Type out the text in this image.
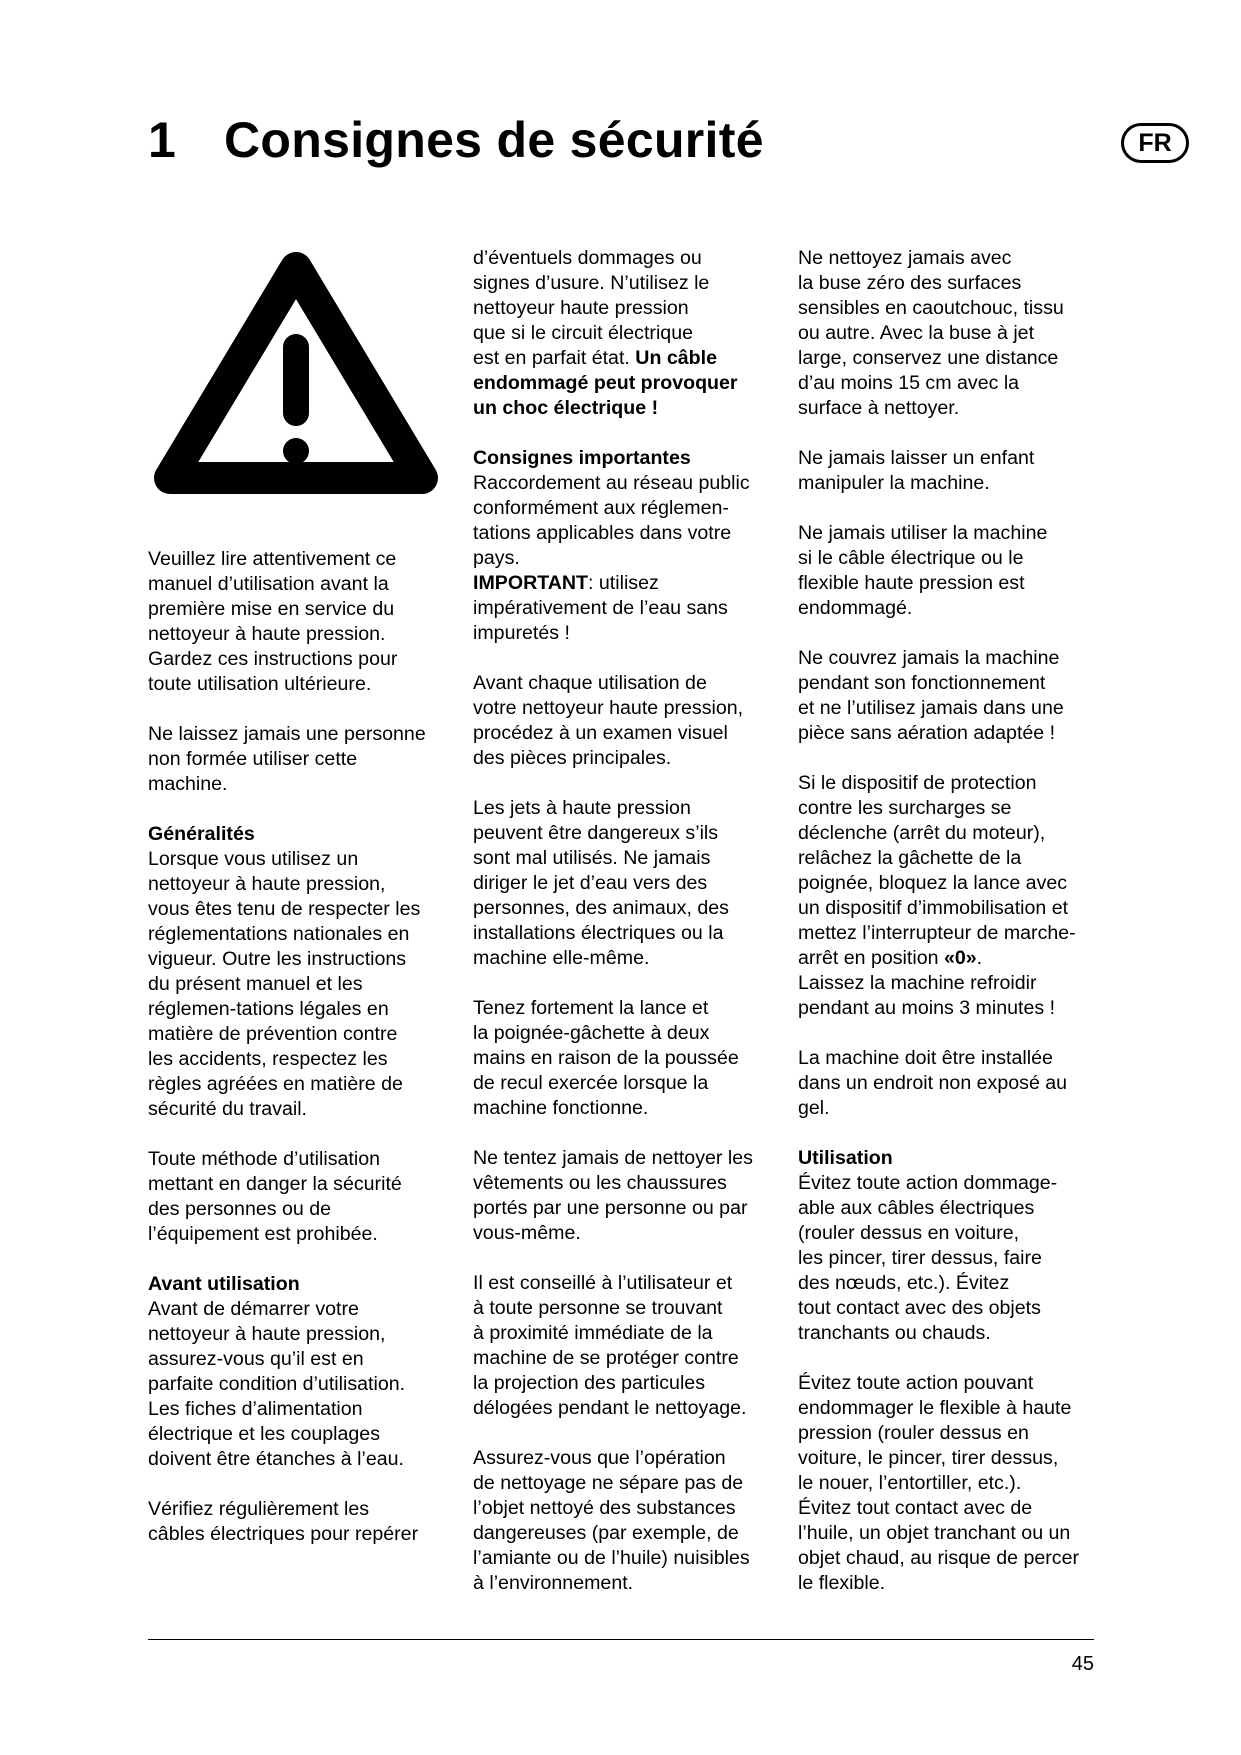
1 Consignes de sécurité	FR

Veuillez lire attentivement ce
manuel d’utilisation avant la
première mise en service du
nettoyeur à haute pression.
Gardez ces instructions pour
toute utilisation ultérieure.

Ne laissez jamais une personne
non formée utiliser cette
machine.

Généralités

Lorsque vous utilisez un
nettoyeur à haute pression,
vous êtes tenu de respecter les
réglementations nationales en
vigueur. Outre les instructions
du présent manuel et les
réglemen-tations légales en
matière de prévention contre
les accidents, respectez les
règles agréées en matière de
sécurité du travail.

Toute méthode d’utilisation
mettant en danger la sécurité
des personnes ou de
l’équipement est prohibée.

Avant utilisation

Avant de démarrer votre
nettoyeur à haute pression,
assurez-vous qu’il est en
parfaite condition d’utilisation.
Les fiches d’alimentation
électrique et les couplages
doivent être étanches à l’eau.

Vérifiez régulièrement les
câbles électriques pour repérer

d’éventuels dommages ou
signes d’usure. N’utilisez le
nettoyeur haute pression
que si le circuit électrique
est en parfait état. Un câble
endommagé peut provoquer
un choc électrique !

Consignes importantes

Raccordement au réseau public
conformément aux réglemen-
tations applicables dans votre
pays.

IMPORTANT: utilisez
impérativement de l’eau sans
impuretés !

Avant chaque utilisation de
votre nettoyeur haute pression,
procédez à un examen visuel
des pièces principales.

Les jets à haute pression
peuvent être dangereux s’ils
sont mal utilisés. Ne jamais
diriger le jet d’eau vers des
personnes, des animaux, des
installations électriques ou la
machine elle-même.

Tenez fortement la lance et
la poignée-gâchette à deux
mains en raison de la poussée
de recul exercée lorsque la
machine fonctionne.

Ne tentez jamais de nettoyer les
vêtements ou les chaussures
portés par une personne ou par
vous-même.

Il est conseillé à l’utilisateur et
à toute personne se trouvant
à proximité immédiate de la
machine de se protéger contre
la projection des particules
délogées pendant le nettoyage.

Assurez-vous que l’opération
de nettoyage ne sépare pas de
l’objet nettoyé des substances
dangereuses (par exemple, de
l’amiante ou de l’huile) nuisibles
à l’environnement.

Ne nettoyez jamais avec
la buse zéro des surfaces
sensibles en caoutchouc, tissu
ou autre. Avec la buse à jet
large, conservez une distance
d’au moins 15 cm avec la
surface à nettoyer.

Ne jamais laisser un enfant
manipuler la machine.

Ne jamais utiliser la machine
si le câble électrique ou le
flexible haute pression est
endommagé.

Ne couvrez jamais la machine
pendant son fonctionnement
et ne l’utilisez jamais dans une
pièce sans aération adaptée !

Si le dispositif de protection
contre les surcharges se
déclenche (arrêt du moteur),
relâchez la gâchette de la
poignée, bloquez la lance avec
un dispositif d’immobilisation et
mettez l’interrupteur de marche-
arrêt en position «0».
Laissez la machine refroidir
pendant au moins 3 minutes !

La machine doit être installée
dans un endroit non exposé au
gel.

Utilisation

Évitez toute action dommage-
able aux câbles électriques
(rouler dessus en voiture,
les pincer, tirer dessus, faire
des nœuds, etc.). Évitez
tout contact avec des objets
tranchants ou chauds.

Évitez toute action pouvant
endommager le flexible à haute
pression (rouler dessus en
voiture, le pincer, tirer dessus,
le nouer, l’entortiller, etc.).
Évitez tout contact avec de
l’huile, un objet tranchant ou un
objet chaud, au risque de percer
le flexible.

45
